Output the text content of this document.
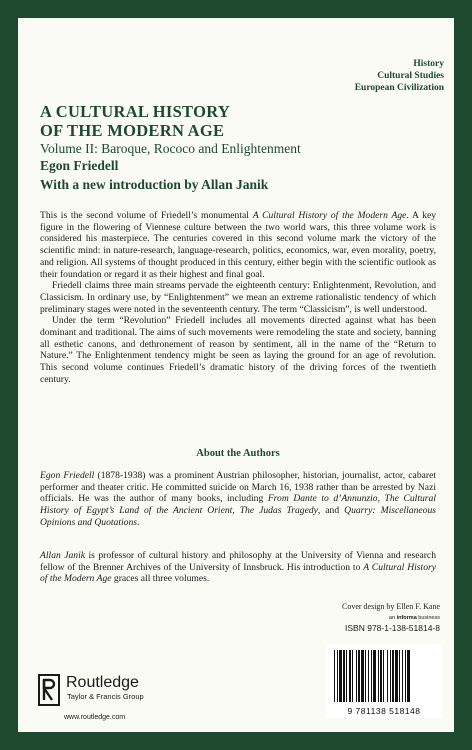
History
Cultural Studies
European Civilization
A CULTURAL HISTORY
OF THE MODERN AGE
Volume II: Baroque, Rococo and Enlightenment
Egon Friedell
With a new introduction by Allan Janik

This is the second volume of Friedell’s monumental A Cultural History of the Modern Age. A key figure in the flowering of Viennese culture between the two world wars, this three volume work is considered his masterpiece. The centuries covered in this second volume mark the victory of the scientific mind: in nature-research, language-research, politics, economics, war, even morality, poetry, and religion. All systems of thought produced in this century, either begin with the scientific outlook as their foundation or regard it as their highest and final goal.

Friedell claims three main streams pervade the eighteenth century: Enlightenment, Revolution, and Classicism. In ordinary use, by “Enlightenment” we mean an extreme rationalistic tendency of which preliminary stages were noted in the seventeenth century. The term “Classicism”, is well understood.

Under the term “Revolution” Friedell includes all movements directed against what has been dominant and traditional. The aims of such movements were remodeling the state and society, banning all esthetic canons, and dethronement of reason by sentiment, all in the name of the “Return to Nature.” The Enlightenment tendency might be seen as laying the ground for an age of revolution. This second volume continues Friedell’s dramatic history of the driving forces of the twentieth century.

About the Authors

Egon Friedell (1878-1938) was a prominent Austrian philosopher, historian, journalist, actor, cabaret performer and theater critic. He committed suicide on March 16, 1938 rather than be arrested by Nazi officials. He was the author of many books, including From Dante to d’Annunzio, The Cultural History of Egypt’s Land of the Ancient Orient, The Judas Tragedy, and Quarry: Miscellaneous Opinions and Quotations.

Allan Janik is professor of cultural history and philosophy at the University of Vienna and research fellow of the Brenner Archives of the University of Innsbruck. His introduction to A Cultural History of the Modern Age graces all three volumes.

Cover design by Ellen F. Kane
an informa business
ISBN 978-1-138-51814-8
9 781138 518148
Routledge
Taylor & Francis Group
www.routledge.com
